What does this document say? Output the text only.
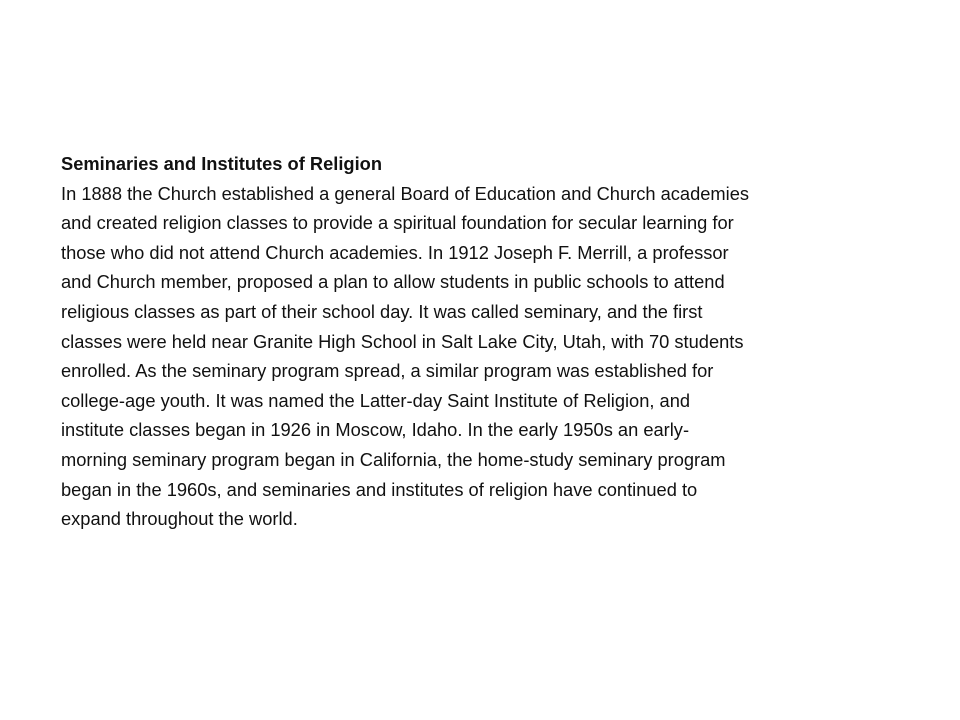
Seminaries and Institutes of Religion
In 1888 the Church established a general Board of Education and Church academies
and created religion classes to provide a spiritual foundation for secular learning for
those who did not attend Church academies. In 1912 Joseph F. Merrill, a professor
and Church member, proposed a plan to allow students in public schools to attend
religious classes as part of their school day. It was called seminary, and the first
classes were held near Granite High School in Salt Lake City, Utah, with 70 students
enrolled. As the seminary program spread, a similar program was established for
college-age youth. It was named the Latter-day Saint Institute of Religion, and
institute classes began in 1926 in Moscow, Idaho. In the early 1950s an early-
morning seminary program began in California, the home-study seminary program
began in the 1960s, and seminaries and institutes of religion have continued to
expand throughout the world.
